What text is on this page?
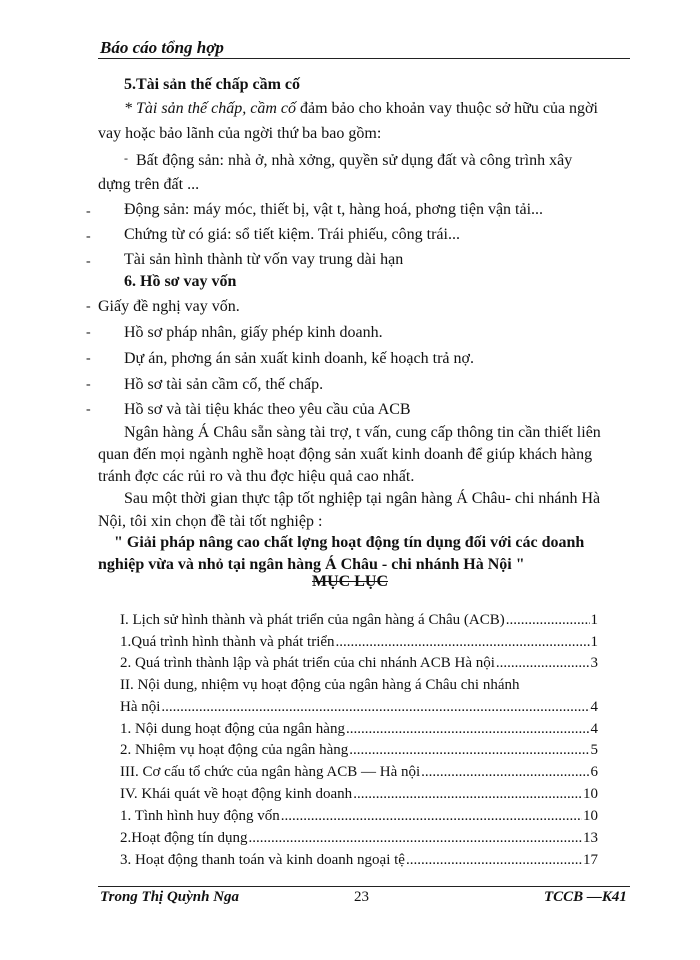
Báo cáo tổng hợp
5.Tài sản thế chấp cầm cố
* Tài sản thế chấp, cầm cố đảm bảo cho khoản vay thuộc sở hữu của ngời
vay hoặc bảo lãnh của ngời thứ ba bao gồm:
- Bất động sản: nhà ở, nhà xởng, quyền sử dụng đất và công trình xây
dựng trên đất ...
- Động sản: máy móc, thiết bị, vật t, hàng hoá, phơng tiện vận tải...
- Chứng từ có giá: sổ tiết kiệm. Trái phiếu, công trái...
- Tài sản hình thành từ vốn vay trung dài hạn
6. Hồ sơ vay vốn
- Giấy đề nghị vay vốn.
- Hồ sơ pháp nhân, giấy phép kinh doanh.
- Dự án, phơng án sản xuất kinh doanh, kế hoạch trả nợ.
- Hồ sơ tài sản cầm cố, thế chấp.
- Hồ sơ và tài tiệu khác theo yêu cầu của ACB
Ngân hàng Á Châu sẵn sàng tài trợ, t vấn, cung cấp thông tin cần thiết liên
quan đến mọi ngành nghề hoạt động sản xuất kinh doanh để giúp khách hàng
tránh đợc các rủi ro và thu đợc hiệu quả cao nhất.
Sau một thời gian thực tập tốt nghiệp tại ngân hàng Á Châu- chi nhánh Hà
Nội, tôi xin chọn đề tài tốt nghiệp :
" Giải pháp nâng cao chất lợng hoạt động tín dụng đối với các doanh
nghiệp vừa và nhỏ tại ngân hàng Á Châu - chi nhánh Hà Nội "
MỤC LỤC
I. Lịch sử hình thành và phát triển của ngân hàng á Châu (ACB) .....	1
1.Quá trình hình thành và phát triển .....	1
2. Quá trình thành lập và phát triển của chi nhánh ACB Hà nội .....	3
II. Nội dung, nhiệm vụ hoạt động của ngân hàng á Châu chi nhánh
Hà nội .....	4
1. Nội dung hoạt động của ngân hàng .....	4
2. Nhiệm vụ hoạt động của ngân hàng .....	5
III. Cơ cấu tổ chức của ngân hàng ACB — Hà nội .....	6
IV. Khái quát về hoạt động kinh doanh .....	10
1. Tình hình huy động vốn .....	10
2.Hoạt động tín dụng .....	13
3. Hoạt động thanh toán và kinh doanh ngoại tệ .....	17
Trong Thị Quỳnh Nga	23	TCCB —K41
